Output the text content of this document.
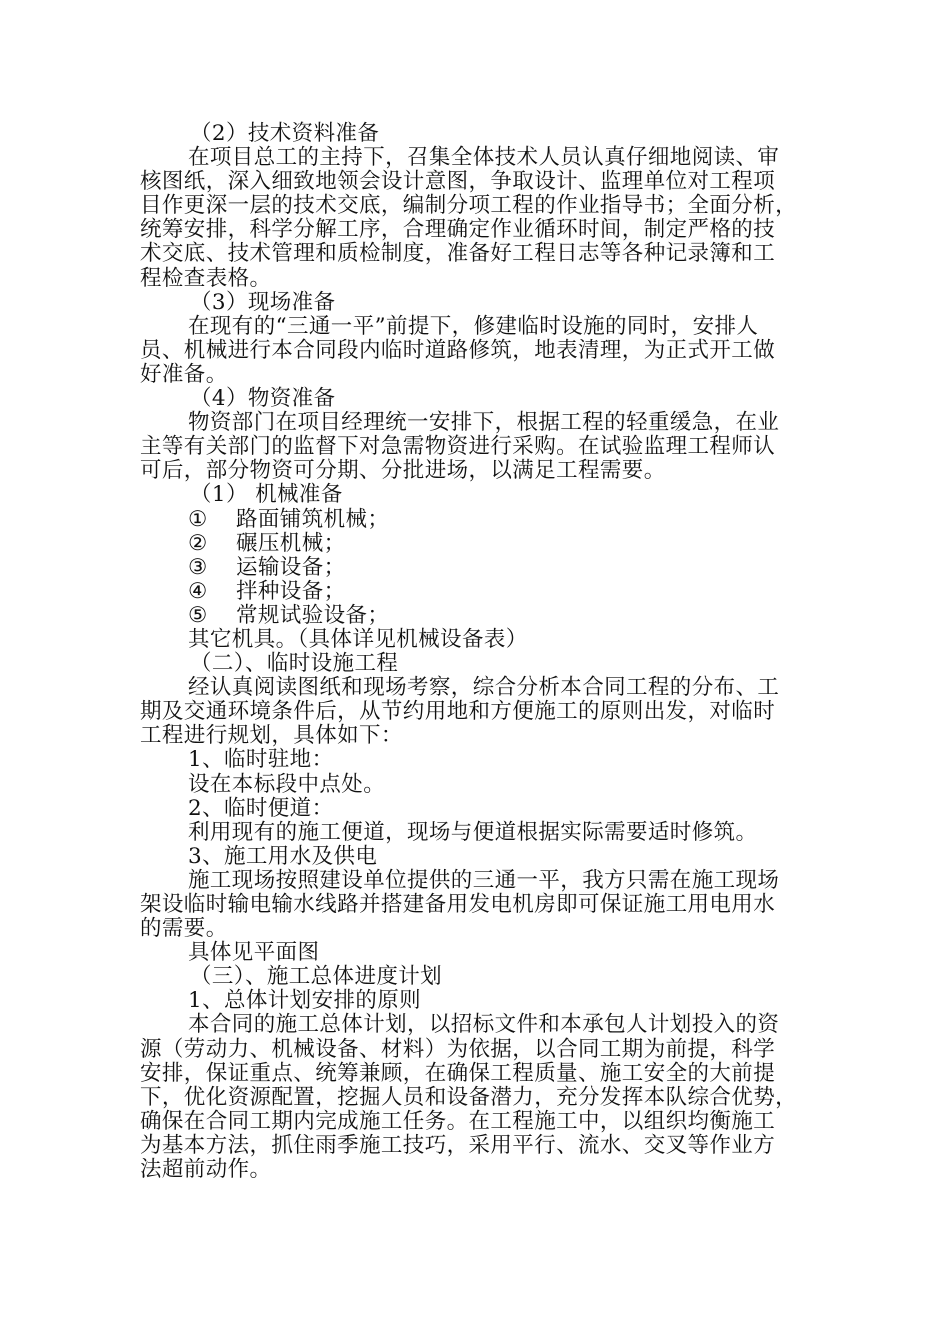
（2）技术资料准备
在项目总工的主持下，召集全体技术人员认真仔细地阅读、审
核图纸，深入细致地领会设计意图，争取设计、监理单位对工程项
目作更深一层的技术交底，编制分项工程的作业指导书；全面分析，
统筹安排，科学分解工序，合理确定作业循环时间，制定严格的技
术交底、技术管理和质检制度，准备好工程日志等各种记录簿和工
程检查表格。
（3）现场准备
在现有的“三通一平”前提下，修建临时设施的同时，安排人
员、机械进行本合同段内临时道路修筑，地表清理，为正式开工做
好准备。
（4）物资准备
物资部门在项目经理统一安排下，根据工程的轻重缓急，在业
主等有关部门的监督下对急需物资进行采购。在试验监理工程师认
可后，部分物资可分期、分批进场，以满足工程需要。
（1） 机械准备
① 路面铺筑机械；
② 碾压机械；
③ 运输设备；
④ 拌种设备；
⑤ 常规试验设备；
其它机具。（具体详见机械设备表）
（二）、临时设施工程
经认真阅读图纸和现场考察，综合分析本合同工程的分布、工
期及交通环境条件后，从节约用地和方便施工的原则出发，对临时
工程进行规划，具体如下：
1、临时驻地：
设在本标段中点处。
2、临时便道：
利用现有的施工便道，现场与便道根据实际需要适时修筑。
3、施工用水及供电
施工现场按照建设单位提供的三通一平，我方只需在施工现场
架设临时输电输水线路并搭建备用发电机房即可保证施工用电用水
的需要。
具体见平面图
（三）、施工总体进度计划
1、总体计划安排的原则
本合同的施工总体计划，以招标文件和本承包人计划投入的资
源（劳动力、机械设备、材料）为依据，以合同工期为前提，科学
安排，保证重点、统筹兼顾，在确保工程质量、施工安全的大前提
下，优化资源配置，挖掘人员和设备潜力，充分发挥本队综合优势，
确保在合同工期内完成施工任务。在工程施工中，以组织均衡施工
为基本方法，抓住雨季施工技巧，采用平行、流水、交叉等作业方
法超前动作。
